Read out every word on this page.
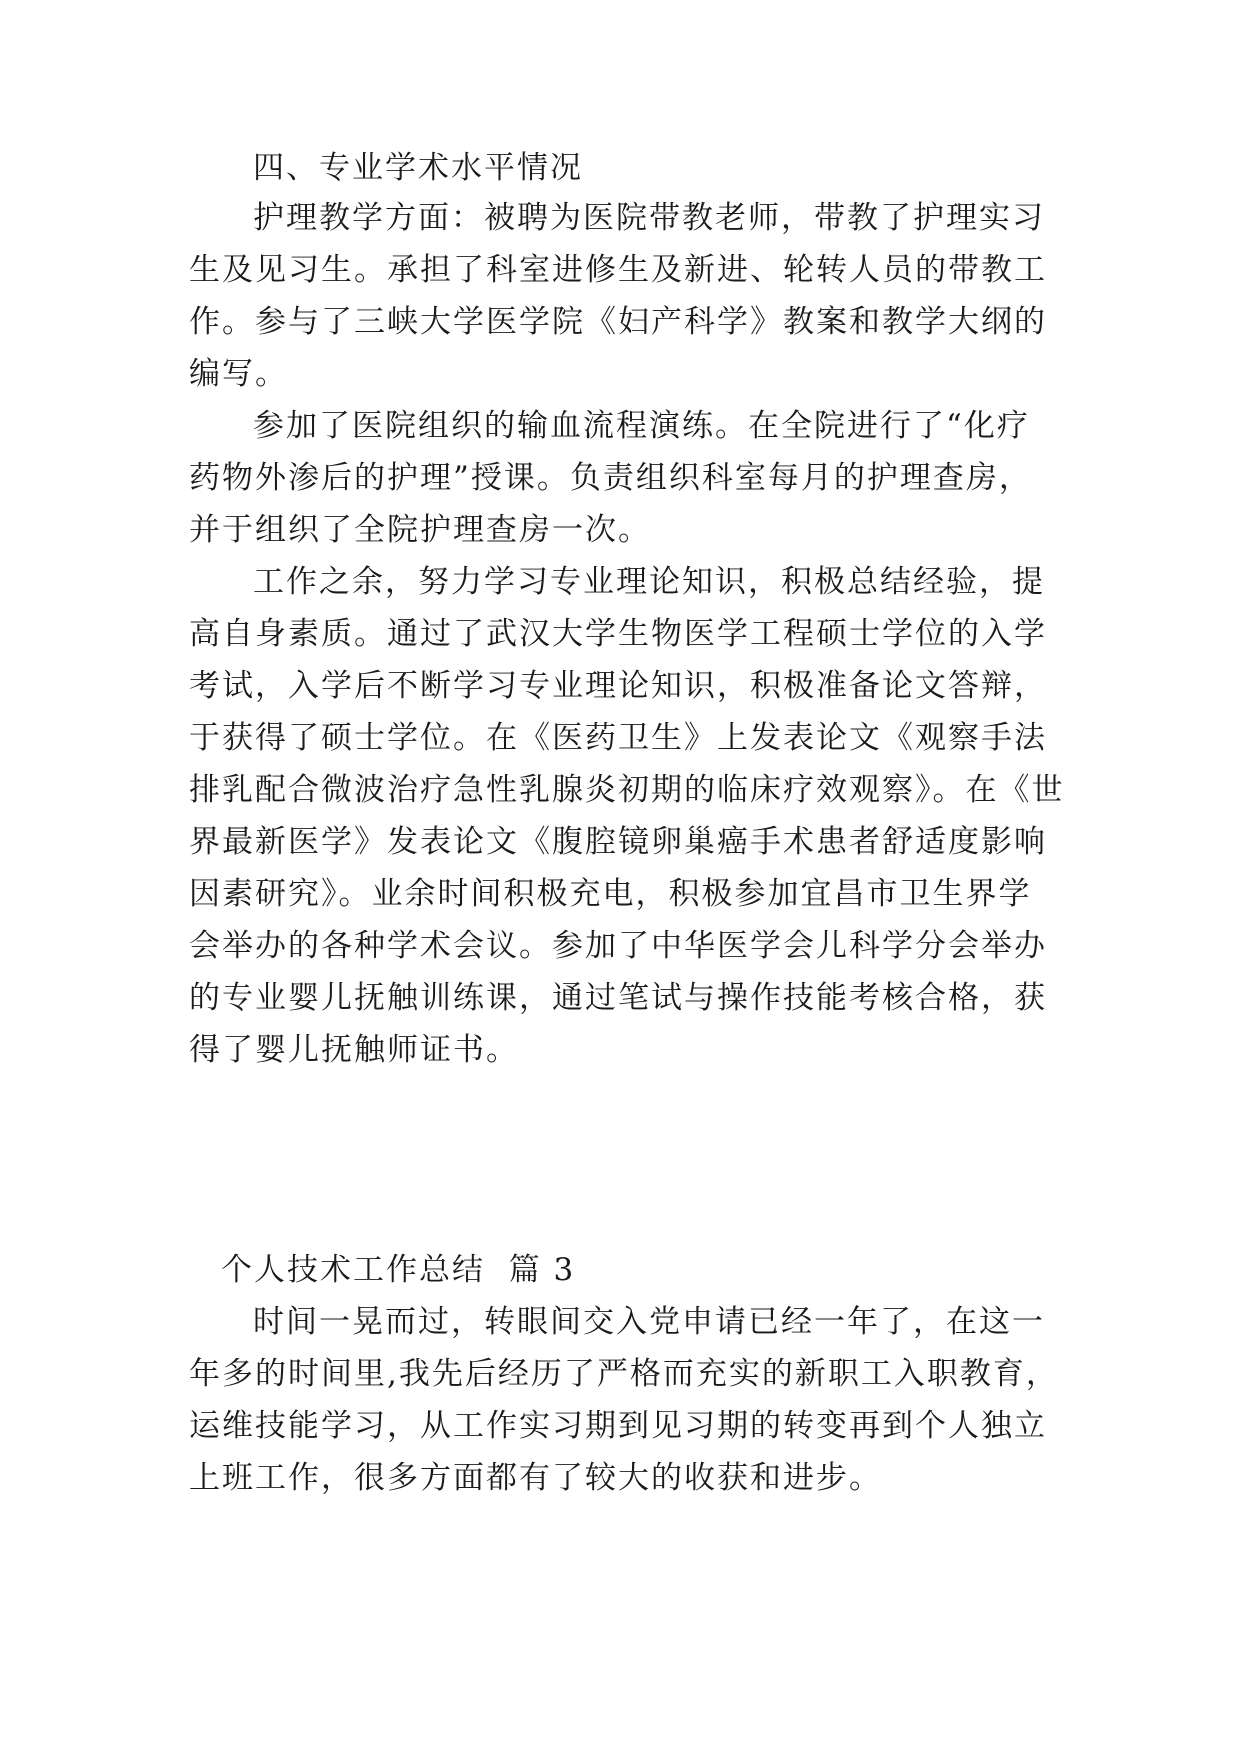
四、专业学术水平情况
护理教学方面：被聘为医院带教老师，带教了护理实习
生及见习生。承担了科室进修生及新进、轮转人员的带教工
作。参与了三峡大学医学院《妇产科学》教案和教学大纲的
编写。
参加了医院组织的输血流程演练。在全院进行了“化疗
药物外渗后的护理”授课。负责组织科室每月的护理查房，
并于组织了全院护理查房一次。
工作之余，努力学习专业理论知识，积极总结经验，提
高自身素质。通过了武汉大学生物医学工程硕士学位的入学
考试，入学后不断学习专业理论知识，积极准备论文答辩，
于获得了硕士学位。在《医药卫生》上发表论文《观察手法
排乳配合微波治疗急性乳腺炎初期的临床疗效观察》。在《世
界最新医学》发表论文《腹腔镜卵巢癌手术患者舒适度影响
因素研究》。业余时间积极充电，积极参加宜昌市卫生界学
会举办的各种学术会议。参加了中华医学会儿科学分会举办
的专业婴儿抚触训练课，通过笔试与操作技能考核合格，获
得了婴儿抚触师证书。
个人技术工作总结  篇 3
时间一晃而过，转眼间交入党申请已经一年了，在这一
年多的时间里,我先后经历了严格而充实的新职工入职教育，
运维技能学习，从工作实习期到见习期的转变再到个人独立
上班工作，很多方面都有了较大的收获和进步。
